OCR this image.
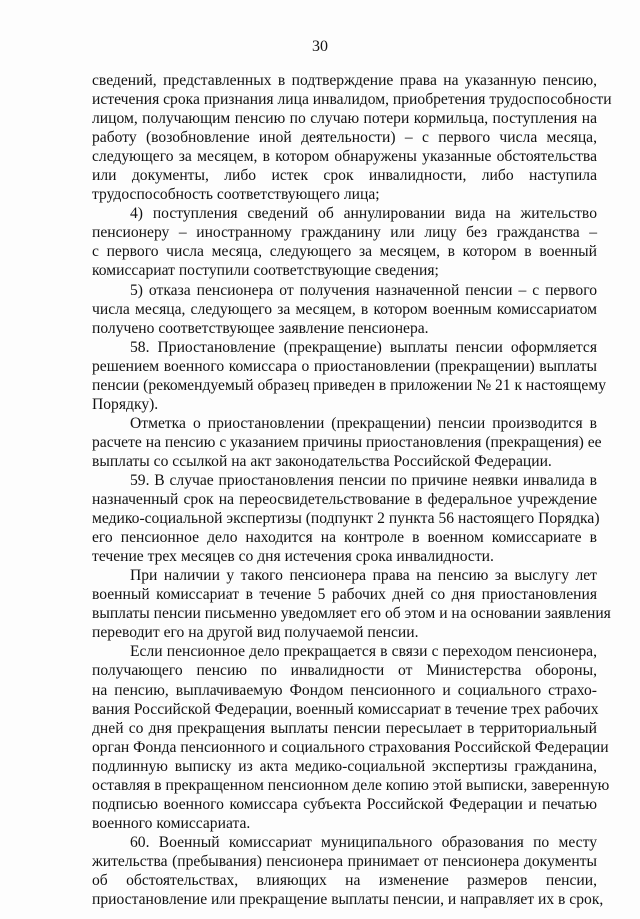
30
сведений, представленных в подтверждение права на указанную пенсию,
истечения срока признания лица инвалидом, приобретения трудоспособности
лицом, получающим пенсию по случаю потери кормильца, поступления на
работу (возобновление иной деятельности) – с первого числа месяца,
следующего за месяцем, в котором обнаружены указанные обстоятельства
или документы, либо истек срок инвалидности, либо наступила
трудоспособность соответствующего лица;
4) поступления сведений об аннулировании вида на жительство
пенсионеру – иностранному гражданину или лицу без гражданства –
с первого числа месяца, следующего за месяцем, в котором в военный
комиссариат поступили соответствующие сведения;
5) отказа пенсионера от получения назначенной пенсии – с первого
числа месяца, следующего за месяцем, в котором военным комиссариатом
получено соответствующее заявление пенсионера.
58. Приостановление (прекращение) выплаты пенсии оформляется
решением военного комиссара о приостановлении (прекращении) выплаты
пенсии (рекомендуемый образец приведен в приложении № 21 к настоящему
Порядку).
Отметка о приостановлении (прекращении) пенсии производится в
расчете на пенсию с указанием причины приостановления (прекращения) ее
выплаты со ссылкой на акт законодательства Российской Федерации.
59. В случае приостановления пенсии по причине неявки инвалида в
назначенный срок на переосвидетельствование в федеральное учреждение
медико-социальной экспертизы (подпункт 2 пункта 56 настоящего Порядка)
его пенсионное дело находится на контроле в военном комиссариате в
течение трех месяцев со дня истечения срока инвалидности.
При наличии у такого пенсионера права на пенсию за выслугу лет
военный комиссариат в течение 5 рабочих дней со дня приостановления
выплаты пенсии письменно уведомляет его об этом и на основании заявления
переводит его на другой вид получаемой пенсии.
Если пенсионное дело прекращается в связи с переходом пенсионера,
получающего пенсию по инвалидности от Министерства обороны,
на пенсию, выплачиваемую Фондом пенсионного и социального страхо-
вания Российской Федерации, военный комиссариат в течение трех рабочих
дней со дня прекращения выплаты пенсии пересылает в территориальный
орган Фонда пенсионного и социального страхования Российской Федерации
подлинную выписку из акта медико-социальной экспертизы гражданина,
оставляя в прекращенном пенсионном деле копию этой выписки, заверенную
подписью военного комиссара субъекта Российской Федерации и печатью
военного комиссариата.
60. Военный комиссариат муниципального образования по месту
жительства (пребывания) пенсионера принимает от пенсионера документы
об обстоятельствах, влияющих на изменение размеров пенсии,
приостановление или прекращение выплаты пенсии, и направляет их в срок,
